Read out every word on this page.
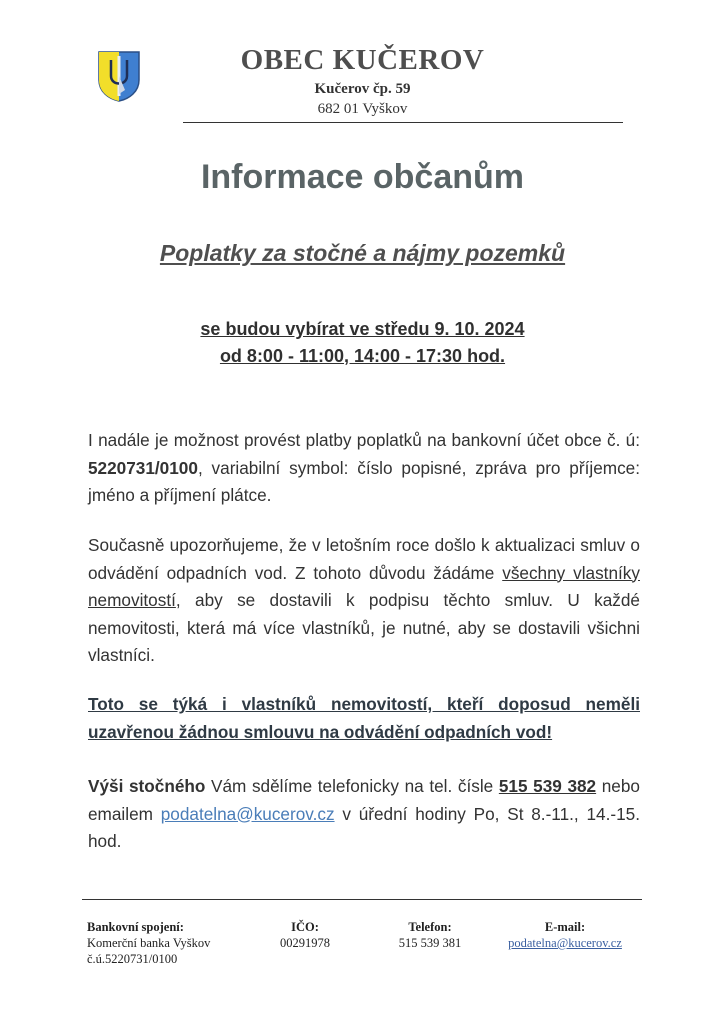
OBEC KUČEROV
Kučerov čp. 59
682 01 Vyškov
Informace občanům
Poplatky za stočné a nájmy pozemků
se budou vybírat ve středu 9. 10. 2024
od 8:00 - 11:00, 14:00 - 17:30 hod.
I nadále je možnost provést platby poplatků na bankovní účet obce č. ú: 5220731/0100, variabilní symbol: číslo popisné, zpráva pro příjemce: jméno a příjmení plátce.
Současně upozorňujeme, že v letošním roce došlo k aktualizaci smluv o odvádění odpadních vod. Z tohoto důvodu žádáme všechny vlastníky nemovitostí, aby se dostavili k podpisu těchto smluv. U každé nemovitosti, která má více vlastníků, je nutné, aby se dostavili všichni vlastníci.
Toto se týká i vlastníků nemovitostí, kteří doposud neměli uzavřenou žádnou smlouvu na odvádění odpadních vod!
Výši stočného Vám sdělíme telefonicky na tel. čísle 515 539 382 nebo emailem podatelna@kucerov.cz v úřední hodiny Po, St 8.-11., 14.-15. hod.
Bankovní spojení:
Komerční banka Vyškov
č.ú.5220731/0100
IČO:
00291978
Telefon:
515 539 381
E-mail:
podatelna@kucerov.cz
